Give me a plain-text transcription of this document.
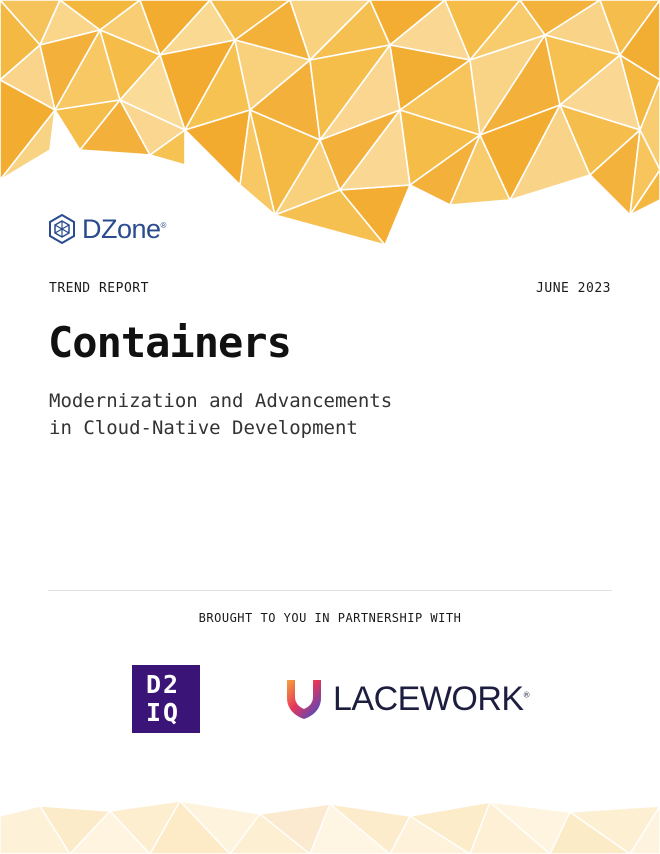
DZone®
TREND REPORT	JUNE 2023
Containers

Modernization and Advancements
in Cloud-Native Development

BROUGHT TO YOU IN PARTNERSHIP WITH
D2
IQ	LACEWORK®
